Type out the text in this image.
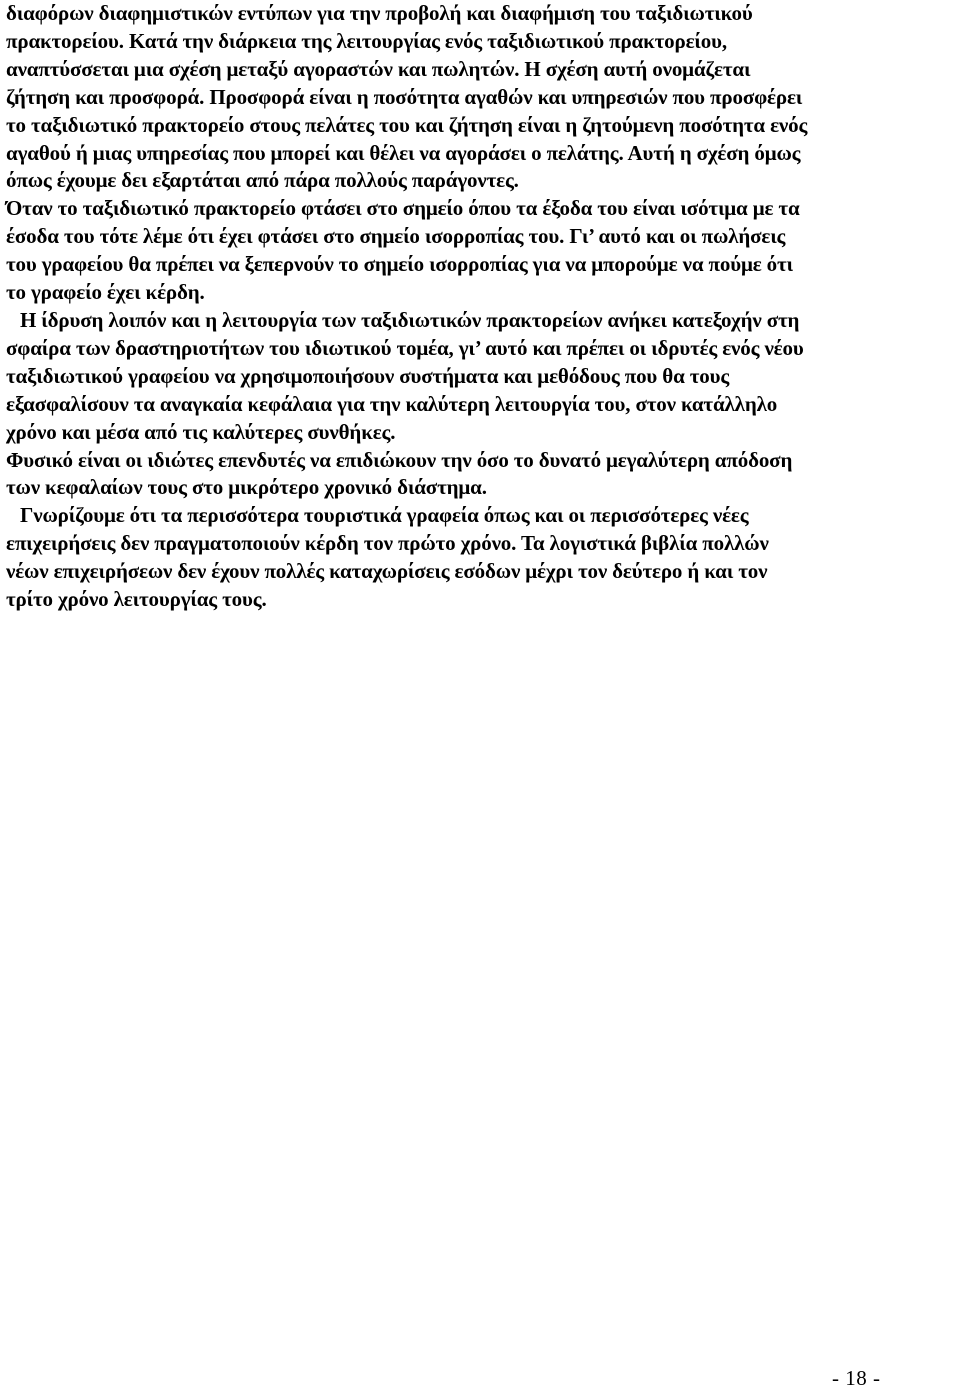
διαφόρων διαφημιστικών εντύπων για την προβολή και διαφήμιση του ταξιδιωτικού
πρακτορείου. Κατά την διάρκεια της λειτουργίας ενός ταξιδιωτικού πρακτορείου,
αναπτύσσεται μια σχέση μεταξύ αγοραστών και πωλητών. Η σχέση αυτή ονομάζεται
ζήτηση και προσφορά. Προσφορά είναι η ποσότητα αγαθών και υπηρεσιών που προσφέρει
το ταξιδιωτικό πρακτορείο στους πελάτες του και ζήτηση είναι η ζητούμενη ποσότητα ενός
αγαθού ή μιας υπηρεσίας που μπορεί και θέλει να αγοράσει ο πελάτης. Αυτή η σχέση όμως
όπως έχουμε δει εξαρτάται από πάρα πολλούς παράγοντες.

Όταν το ταξιδιωτικό πρακτορείο φτάσει στο σημείο όπου τα έξοδα του είναι ισότιμα με τα
έσοδα του τότε λέμε ότι έχει φτάσει στο σημείο ισορροπίας του. Γι’ αυτό και οι πωλήσεις
του γραφείου θα πρέπει να ξεπερνούν το σημείο ισορροπίας για να μπορούμε να πούμε ότι
το γραφείο έχει κέρδη.

Η ίδρυση λοιπόν και η λειτουργία των ταξιδιωτικών πρακτορείων ανήκει κατεξοχήν στη
σφαίρα των δραστηριοτήτων του ιδιωτικού τομέα, γι’ αυτό και πρέπει οι ιδρυτές ενός νέου
ταξιδιωτικού γραφείου να χρησιμοποιήσουν συστήματα και μεθόδους που θα τους
εξασφαλίσουν τα αναγκαία κεφάλαια για την καλύτερη λειτουργία του, στον κατάλληλο
χρόνο και μέσα από τις καλύτερες συνθήκες.

Φυσικό είναι οι ιδιώτες επενδυτές να επιδιώκουν την όσο το δυνατό μεγαλύτερη απόδοση
των κεφαλαίων τους στο μικρότερο χρονικό διάστημα.

Γνωρίζουμε ότι τα περισσότερα τουριστικά γραφεία όπως και οι περισσότερες νέες
επιχειρήσεις δεν πραγματοποιούν κέρδη τον πρώτο χρόνο. Τα λογιστικά βιβλία πολλών
νέων επιχειρήσεων δεν έχουν πολλές καταχωρίσεις εσόδων μέχρι τον δεύτερο ή και τον
τρίτο χρόνο λειτουργίας τους.

- 18 -
